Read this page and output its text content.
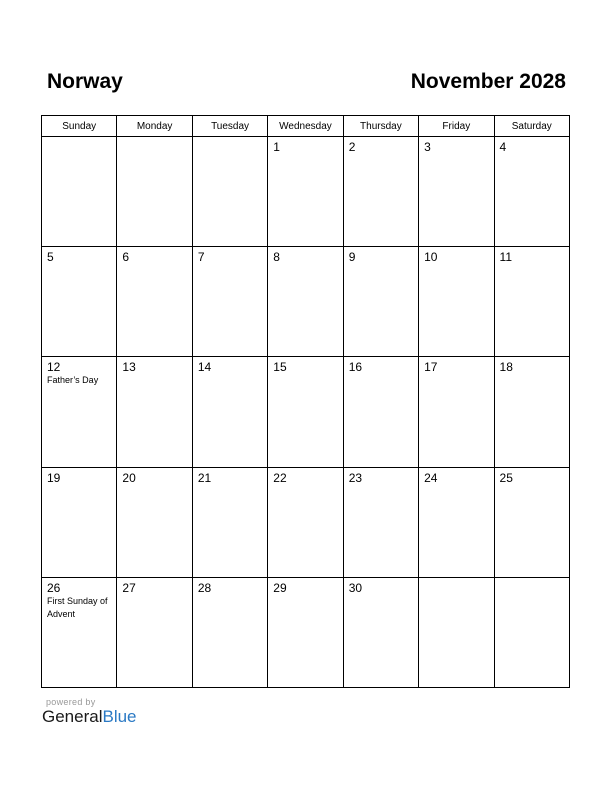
Norway	November 2028
Sunday	Monday	Tuesday	Wednesday	Thursday	Friday	Saturday

			1	2	3	4

5	6	7	8	9	10	11

12
Father’s Day	13	14	15	16	17	18

19	20	21	22	23	24	25

26
First Sunday of Advent	27	28	29	30		

powered by
GeneralBlue
